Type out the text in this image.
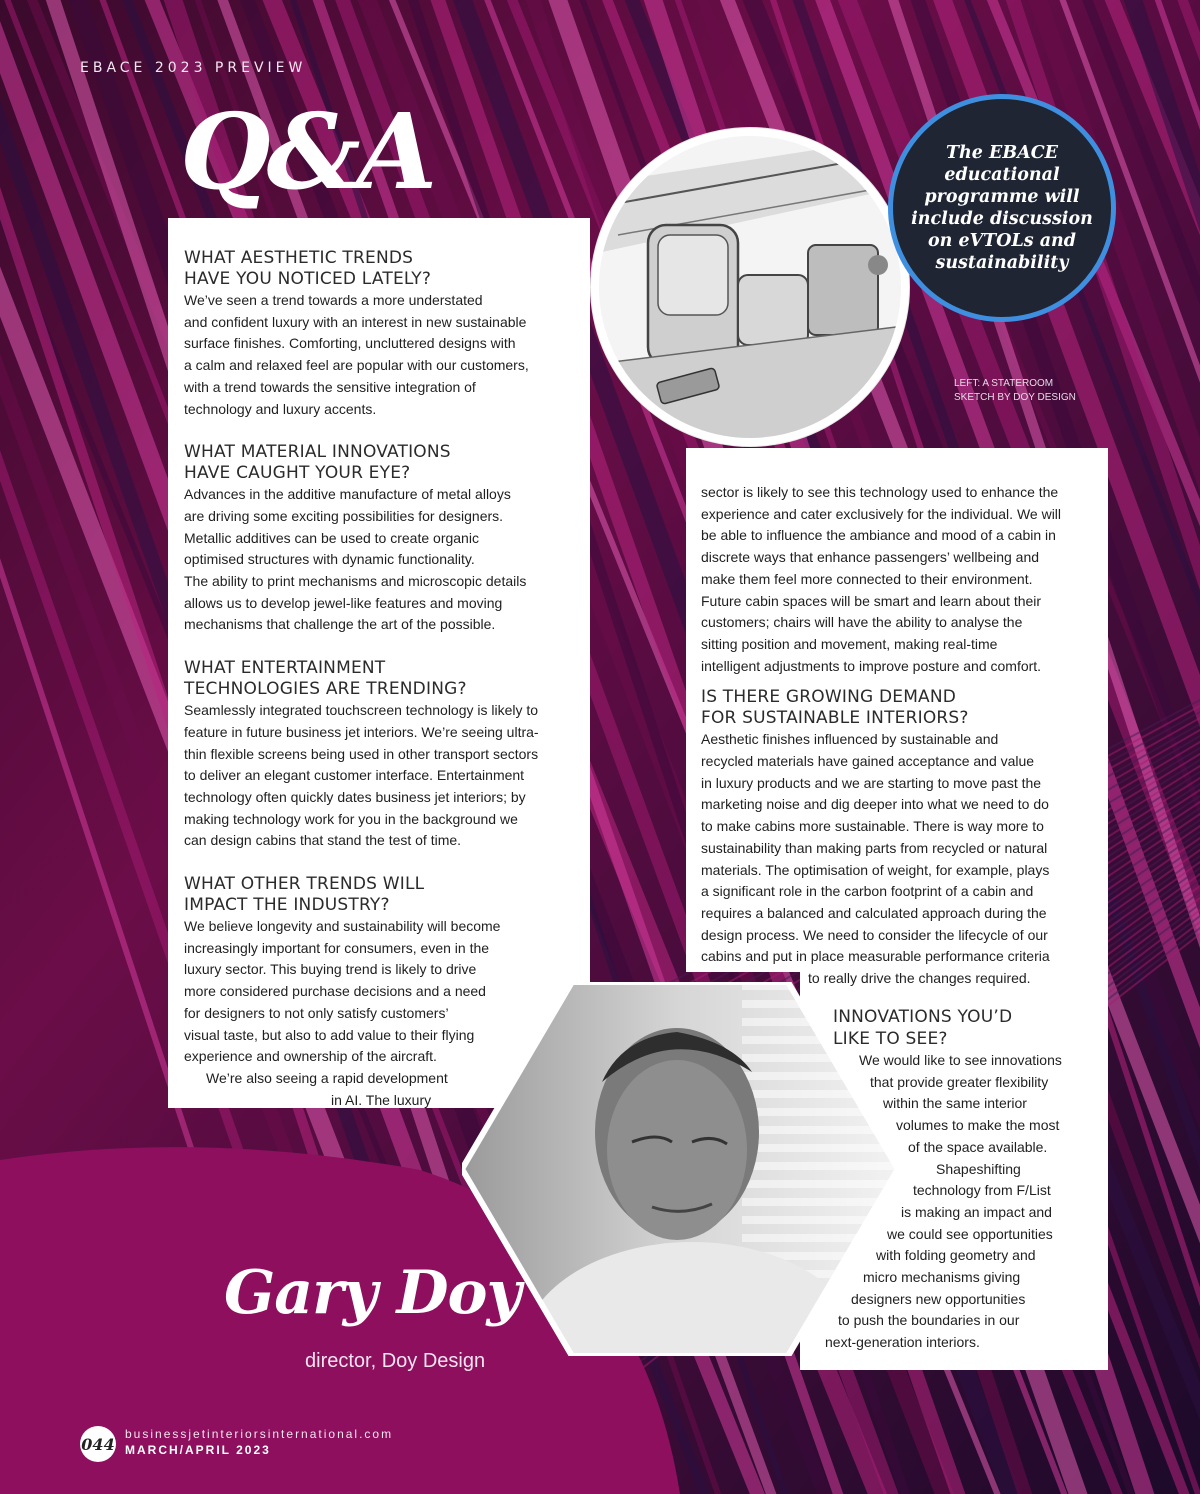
EBACE 2023 PREVIEW
Q&A

WHAT AESTHETIC TRENDS
HAVE YOU NOTICED LATELY?

We’ve seen a trend towards a more understated
and confident luxury with an interest in new sustainable
surface finishes. Comforting, uncluttered designs with
a calm and relaxed feel are popular with our customers,
with a trend towards the sensitive integration of
technology and luxury accents.

WHAT MATERIAL INNOVATIONS
HAVE CAUGHT YOUR EYE?

Advances in the additive manufacture of metal alloys
are driving some exciting possibilities for designers.
Metallic additives can be used to create organic
optimised structures with dynamic functionality.
The ability to print mechanisms and microscopic details
allows us to develop jewel-like features and moving
mechanisms that challenge the art of the possible.

WHAT ENTERTAINMENT
TECHNOLOGIES ARE TRENDING?

Seamlessly integrated touchscreen technology is likely to
feature in future business jet interiors. We’re seeing ultra-
thin flexible screens being used in other transport sectors
to deliver an elegant customer interface. Entertainment
technology often quickly dates business jet interiors; by
making technology work for you in the background we
can design cabins that stand the test of time.

WHAT OTHER TRENDS WILL
IMPACT THE INDUSTRY?

We believe longevity and sustainability will become
increasingly important for consumers, even in the
luxury sector. This buying trend is likely to drive
more considered purchase decisions and a need
for designers to not only satisfy customers’
visual taste, but also to add value to their flying
experience and ownership of the aircraft.
We’re also seeing a rapid development
in AI. The luxury
sector is likely to see this technology used to enhance the
experience and cater exclusively for the individual. We will
be able to influence the ambiance and mood of a cabin in
discrete ways that enhance passengers’ wellbeing and
make them feel more connected to their environment.
Future cabin spaces will be smart and learn about their
customers; chairs will have the ability to analyse the
sitting position and movement, making real-time
intelligent adjustments to improve posture and comfort.

IS THERE GROWING DEMAND
FOR SUSTAINABLE INTERIORS?

Aesthetic finishes influenced by sustainable and
recycled materials have gained acceptance and value
in luxury products and we are starting to move past the
marketing noise and dig deeper into what we need to do
to make cabins more sustainable. There is way more to
sustainability than making parts from recycled or natural
materials. The optimisation of weight, for example, plays
a significant role in the carbon footprint of a cabin and
requires a balanced and calculated approach during the
design process. We need to consider the lifecycle of our
cabins and put in place measurable performance criteria
to really drive the changes required.

INNOVATIONS YOU’D
LIKE TO SEE?

We would like to see innovations
that provide greater flexibility
within the same interior
volumes to make the most
of the space available.
Shapeshifting
technology from F/List
is making an impact and
we could see opportunities
with folding geometry and
micro mechanisms giving
designers new opportunities
to push the boundaries in our
next-generation interiors.
The EBACE
educational
programme will
include discussion
on eVTOLs and
sustainability
LEFT: A STATEROOM
SKETCH BY DOY DESIGN
Gary Doy
director, Doy Design
044
businessjetinteriorsinternational.com
MARCH/APRIL 2023
